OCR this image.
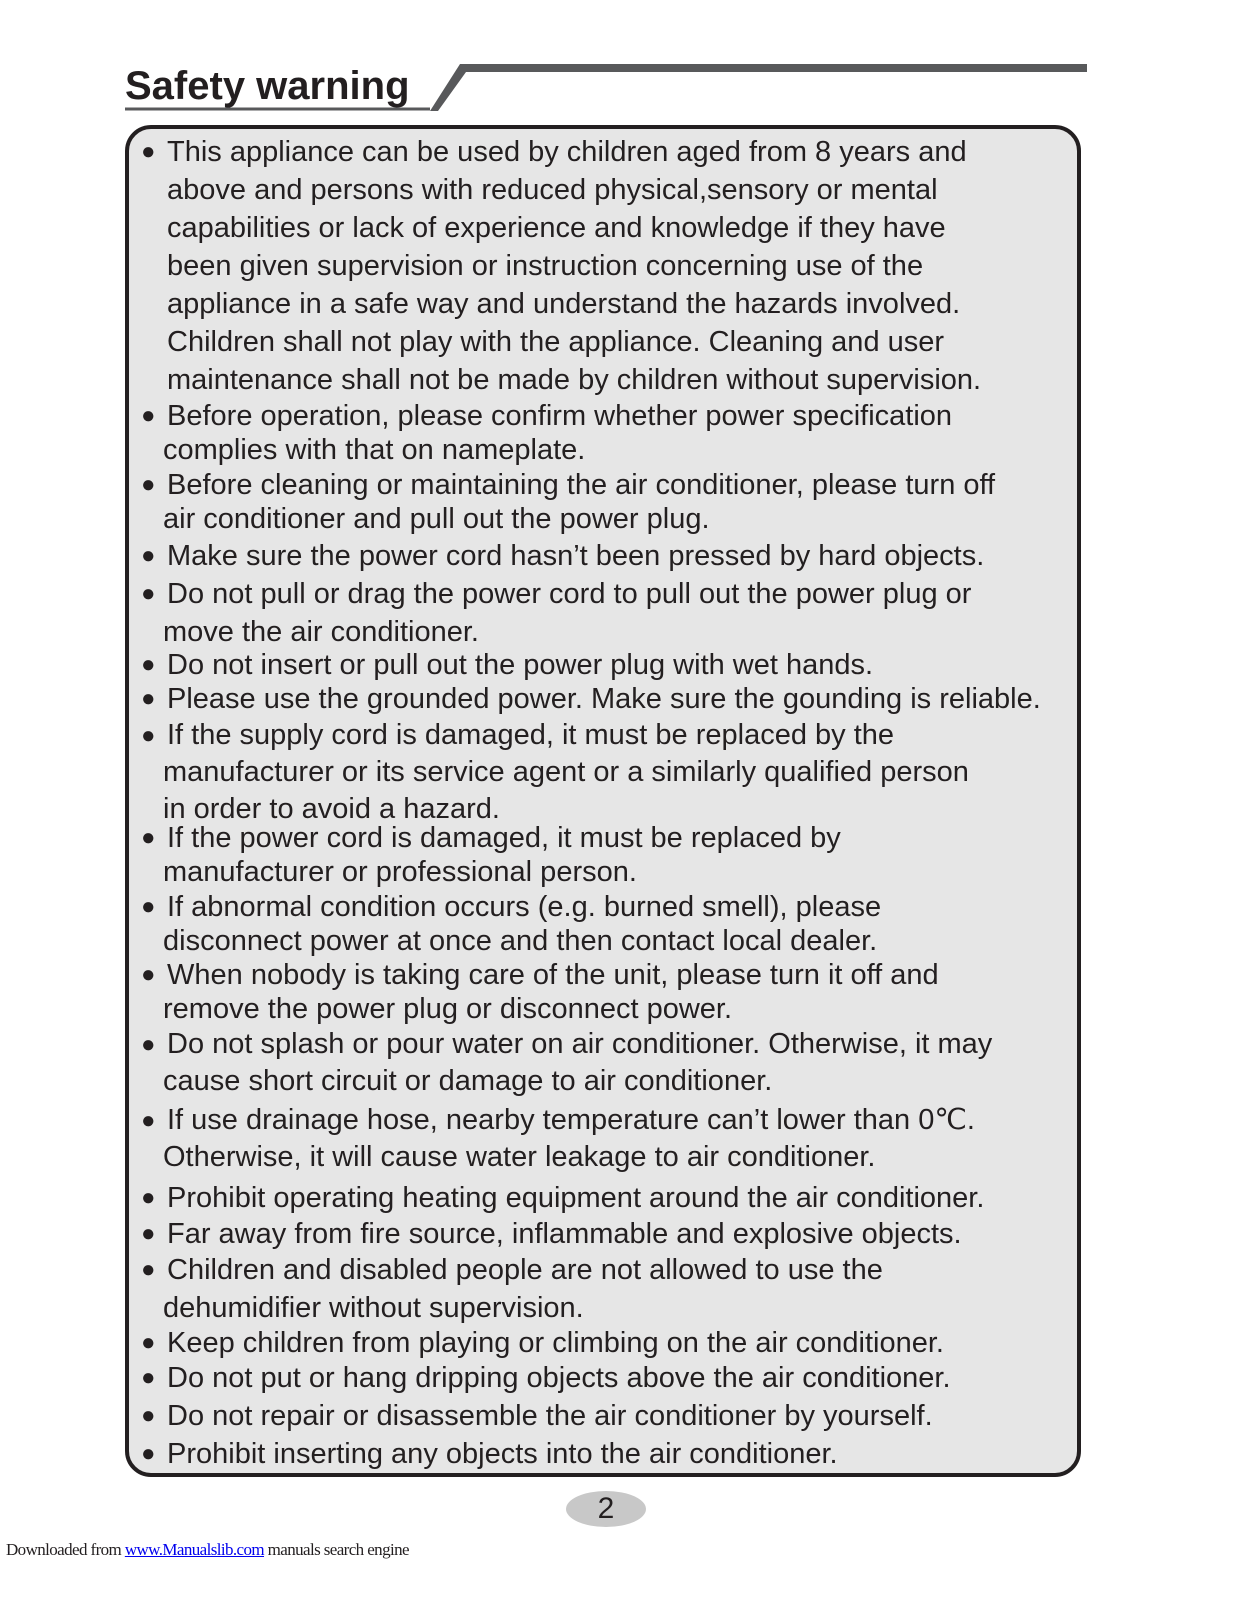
Safety warning
● This appliance can be used by children aged from 8 years and
above and persons with reduced physical,sensory or mental
capabilities or lack of experience and knowledge if they have
been given supervision or instruction concerning use of the
appliance in a safe way and understand the hazards involved.
Children shall not play with the appliance. Cleaning and user
maintenance shall not be made by children without supervision.
● Before operation, please confirm whether power specification
complies with that on nameplate.
● Before cleaning or maintaining the air conditioner, please turn off
air conditioner and pull out the power plug.
● Make sure the power cord hasn’t been pressed by hard objects.
● Do not pull or drag the power cord to pull out the power plug or
move the air conditioner.
● Do not insert or pull out the power plug with wet hands.
● Please use the grounded power. Make sure the gounding is reliable.
● If the supply cord is damaged, it must be replaced by the
manufacturer or its service agent or a similarly qualified person
in order to avoid a hazard.
● If the power cord is damaged, it must be replaced by
manufacturer or professional person.
● If abnormal condition occurs (e.g. burned smell), please
disconnect power at once and then contact local dealer.
● When nobody is taking care of the unit, please turn it off and
remove the power plug or disconnect power.
● Do not splash or pour water on air conditioner. Otherwise, it may
cause short circuit or damage to air conditioner.
● If use drainage hose, nearby temperature can’t lower than 0℃.
Otherwise, it will cause water leakage to air conditioner.
● Prohibit operating heating equipment around the air conditioner.
● Far away from fire source, inflammable and explosive objects.
● Children and disabled people are not allowed to use the
dehumidifier without supervision.
● Keep children from playing or climbing on the air conditioner.
● Do not put or hang dripping objects above the air conditioner.
● Do not repair or disassemble the air conditioner by yourself.
● Prohibit inserting any objects into the air conditioner.
2
Downloaded from www.Manualslib.com manuals search engine
